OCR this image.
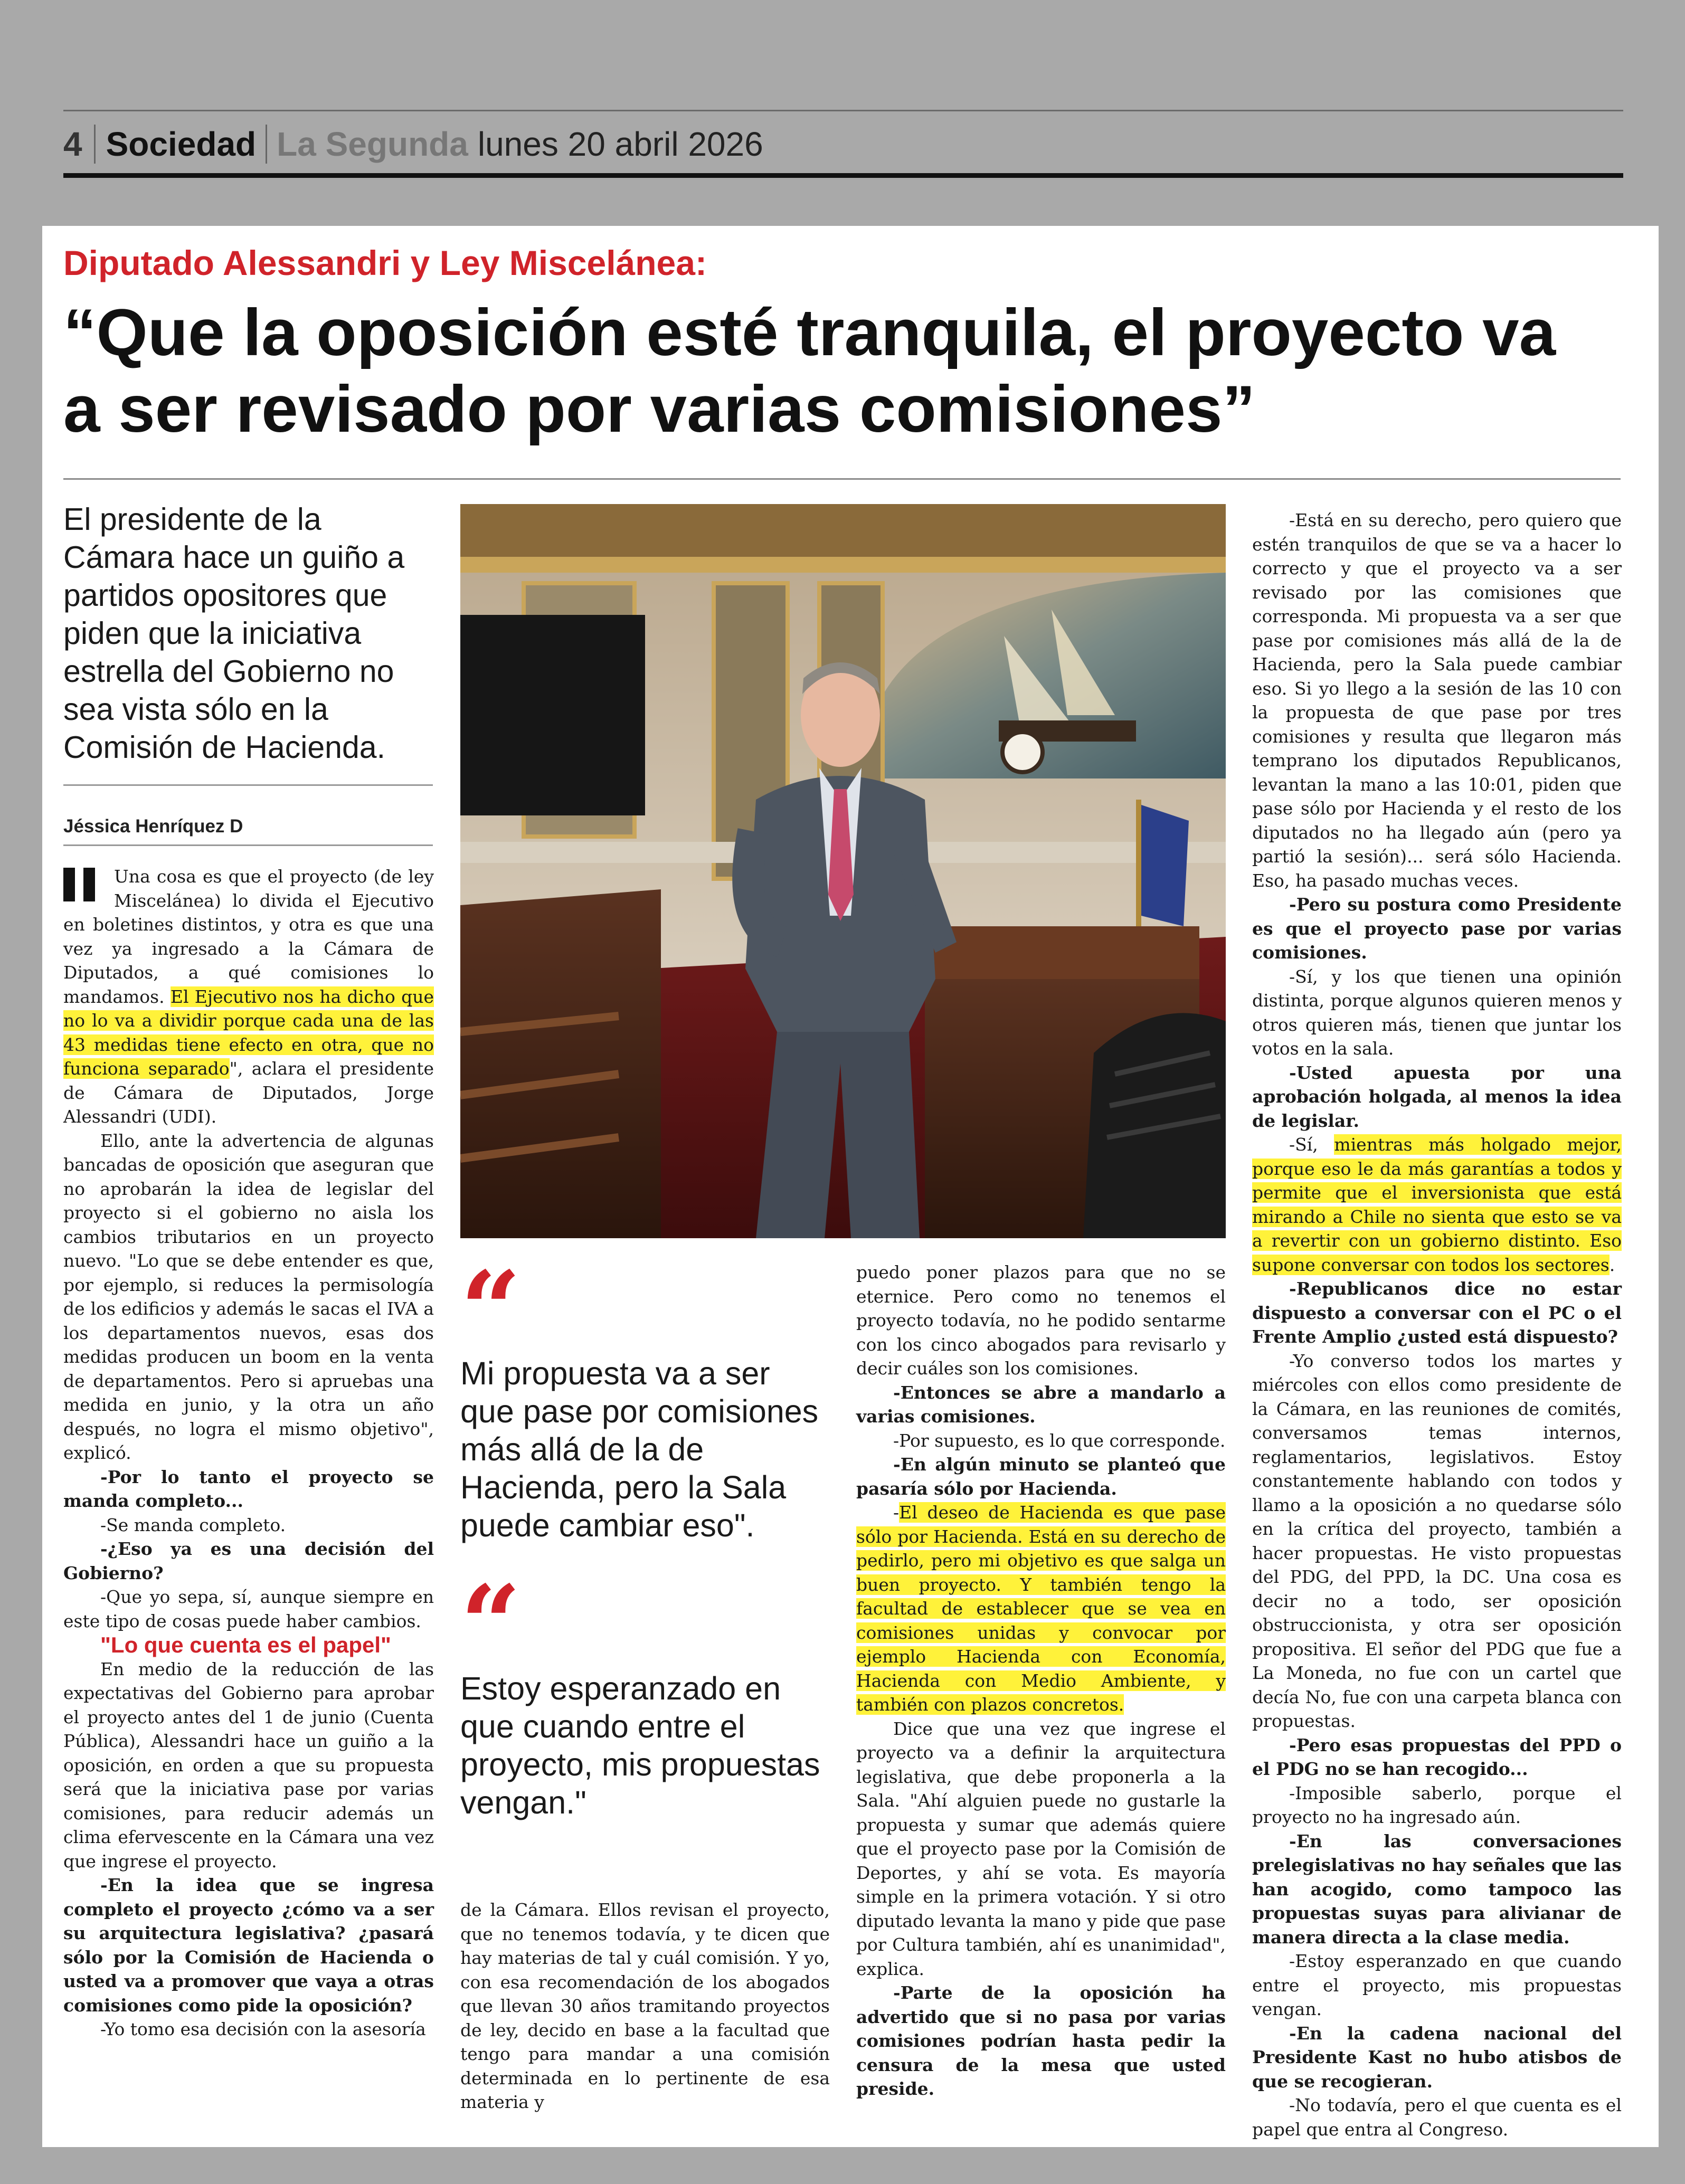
4 Sociedad La Segunda lunes 20 abril 2026
Diputado Alessandri y Ley Miscelánea:
“Que la oposición esté tranquila, el proyecto va a ser revisado por varias comisiones”
El presidente de la Cámara hace un guiño a partidos opositores que piden que la iniciativa estrella del Gobierno no sea vista sólo en la Comisión de Hacienda.
Jéssica Henríquez D

Una cosa es que el proyecto (de ley Miscelánea) lo divida el Ejecutivo en boletines distintos, y otra es que una vez ya ingresado a la Cámara de Diputados, a qué comisiones lo mandamos. El Ejecutivo nos ha dicho que no lo va a dividir porque cada una de las 43 medidas tiene efecto en otra, que no funciona separado", aclara el presidente de Cámara de Diputados, Jorge Alessandri (UDI).

Ello, ante la advertencia de algunas bancadas de oposición que aseguran que no aprobarán la idea de legislar del proyecto si el gobierno no aisla los cambios tributarios en un proyecto nuevo. "Lo que se debe entender es que, por ejemplo, si reduces la permisología de los edificios y además le sacas el IVA a los departamentos nuevos, esas dos medidas producen un boom en la venta de departamentos. Pero si apruebas una medida en junio, y la otra un año después, no logra el mismo objetivo", explicó.

-Por lo tanto el proyecto se manda completo...

-Se manda completo.

-¿Eso ya es una decisión del Gobierno?

-Que yo sepa, sí, aunque siempre en este tipo de cosas puede haber cambios.

"Lo que cuenta es el papel"

En medio de la reducción de las expectativas del Gobierno para aprobar el proyecto antes del 1 de junio (Cuenta Pública), Alessandri hace un guiño a la oposición, en orden a que su propuesta será que la iniciativa pase por varias comisiones, para reducir además un clima efervescente en la Cámara una vez que ingrese el proyecto.

-En la idea que se ingresa completo el proyecto ¿cómo va a ser su arquitectura legislativa? ¿pasará sólo por la Comisión de Hacienda o usted va a promover que vaya a otras comisiones como pide la oposición?

-Yo tomo esa decisión con la asesoría

“
Mi propuesta va a ser que pase por comisiones más allá de la de Hacienda, pero la Sala puede cambiar eso".
“
Estoy esperanzado en que cuando entre el proyecto, mis propuestas vengan."

de la Cámara. Ellos revisan el proyecto, que no tenemos todavía, y te dicen que hay materias de tal y cuál comisión. Y yo, con esa recomendación de los abogados que llevan 30 años tramitando proyectos de ley, decido en base a la facultad que tengo para mandar a una comisión determinada en lo pertinente de esa materia y

puedo poner plazos para que no se eternice. Pero como no tenemos el proyecto todavía, no he podido sentarme con los cinco abogados para revisarlo y decir cuáles son los comisiones.

-Entonces se abre a mandarlo a varias comisiones.

-Por supuesto, es lo que corresponde.

-En algún minuto se planteó que pasaría sólo por Hacienda.

-El deseo de Hacienda es que pase sólo por Hacienda. Está en su derecho de pedirlo, pero mi objetivo es que salga un buen proyecto. Y también tengo la facultad de establecer que se vea en comisiones unidas y convocar por ejemplo Hacienda con Economía, Hacienda con Medio Ambiente, y también con plazos concretos.

Dice que una vez que ingrese el proyecto va a definir la arquitectura legislativa, que debe proponerla a la Sala. "Ahí alguien puede no gustarle la propuesta y sumar que además quiere que el proyecto pase por la Comisión de Deportes, y ahí se vota. Es mayoría simple en la primera votación. Y si otro diputado levanta la mano y pide que pase por Cultura también, ahí es unanimidad", explica.

-Parte de la oposición ha advertido que si no pasa por varias comisiones podrían hasta pedir la censura de la mesa que usted preside.

-Está en su derecho, pero quiero que estén tranquilos de que se va a hacer lo correcto y que el proyecto va a ser revisado por las comisiones que corresponda. Mi propuesta va a ser que pase por comisiones más allá de la de Hacienda, pero la Sala puede cambiar eso. Si yo llego a la sesión de las 10 con la propuesta de que pase por tres comisiones y resulta que llegaron más temprano los diputados Republicanos, levantan la mano a las 10:01, piden que pase sólo por Hacienda y el resto de los diputados no ha llegado aún (pero ya partió la sesión)... será sólo Hacienda. Eso, ha pasado muchas veces.

-Pero su postura como Presidente es que el proyecto pase por varias comisiones.

-Sí, y los que tienen una opinión distinta, porque algunos quieren menos y otros quieren más, tienen que juntar los votos en la sala.

-Usted apuesta por una aprobación holgada, al menos la idea de legislar.

-Sí, mientras más holgado mejor, porque eso le da más garantías a todos y permite que el inversionista que está mirando a Chile no sienta que esto se va a revertir con un gobierno distinto. Eso supone conversar con todos los sectores.

-Republicanos dice no estar dispuesto a conversar con el PC o el Frente Amplio ¿usted está dispuesto?

-Yo converso todos los martes y miércoles con ellos como presidente de la Cámara, en las reuniones de comités, conversamos temas internos, reglamentarios, legislativos. Estoy constantemente hablando con todos y llamo a la oposición a no quedarse sólo en la crítica del proyecto, también a hacer propuestas. He visto propuestas del PDG, del PPD, la DC. Una cosa es decir no a todo, ser oposición obstruccionista, y otra ser oposición propositiva. El señor del PDG que fue a La Moneda, no fue con un cartel que decía No, fue con una carpeta blanca con propuestas.

-Pero esas propuestas del PPD o el PDG no se han recogido...

-Imposible saberlo, porque el proyecto no ha ingresado aún.

-En las conversaciones prelegislativas no hay señales que las han acogido, como tampoco las propuestas suyas para alivianar de manera directa a la clase media.

-Estoy esperanzado en que cuando entre el proyecto, mis propuestas vengan.

-En la cadena nacional del Presidente Kast no hubo atisbos de que se recogieran.

-No todavía, pero el que cuenta es el papel que entra al Congreso.
